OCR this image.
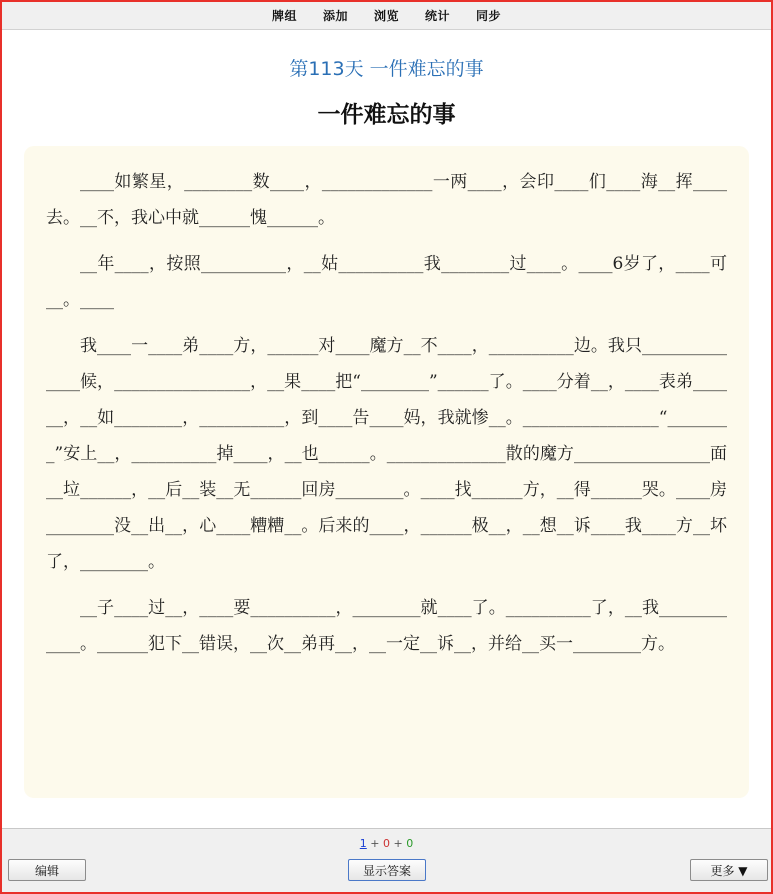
牌组	添加	浏览	统计	同步
第113天 一件难忘的事
一件难忘的事

____如繁星，________数____，_____________一两____，会印____们____海__挥____去。__不，我心中就______愧______。

__年____，按照__________，__姑__________我________过____。____6岁了，____可__。____

我____一____弟____方，______对____魔方__不____，__________边。我只______________候，________________，__果____把“________”______了。____分着__，____表弟______，__如________，__________，到____告____妈，我就惨__。________________“________”安上__，__________掉____，__也______。______________散的魔方________________面__垃______，__后__装__无______回房________。____找______方，__得______哭。____房________没__出__，心____糟糟__。后来的____，______极__，__想__诉____我____方__坏了，________。

__子____过__，____要__________，________就____了。__________了，__我____________。______犯下__错误，__次__弟再__，__一定__诉__，并给__买一________方。

1 + 0 + 0
编辑	显示答案	更多 ▼
